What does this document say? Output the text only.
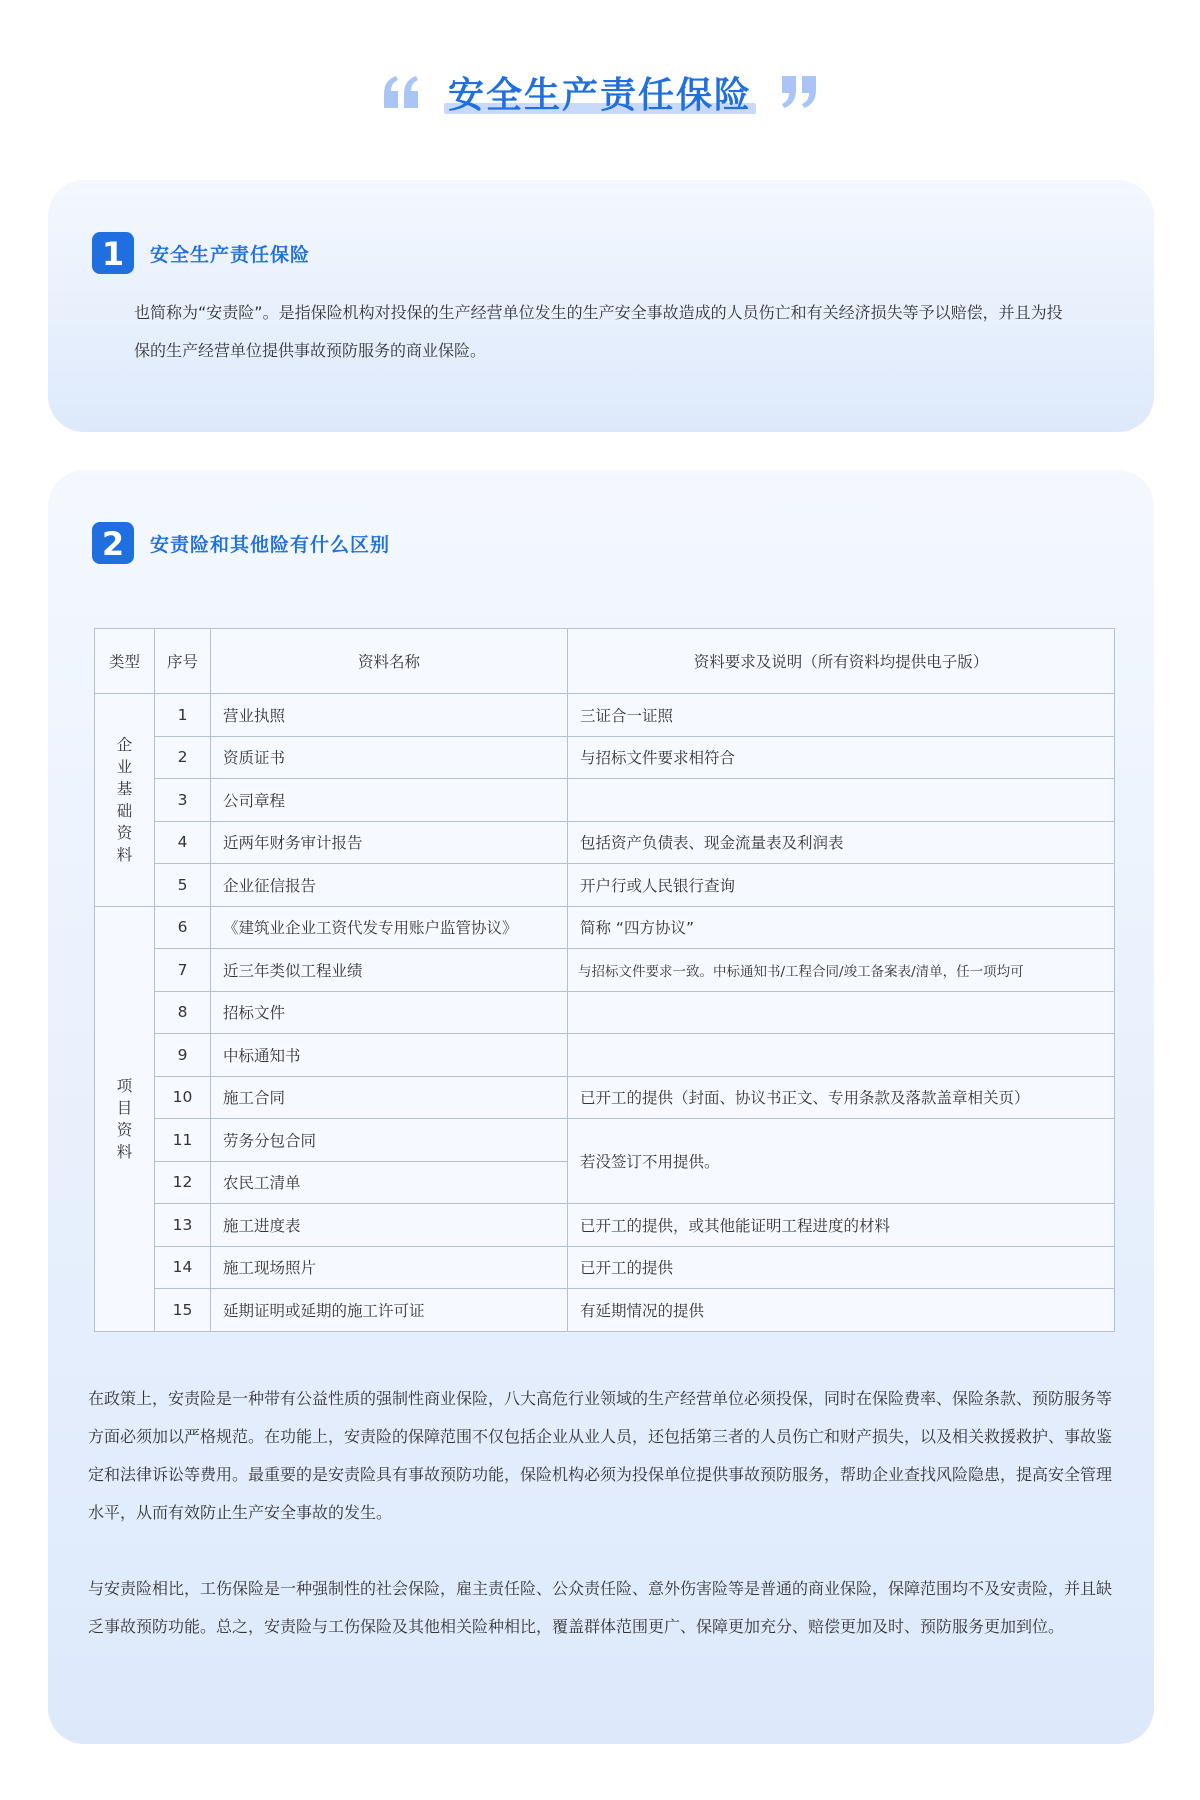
安全生产责任保险
1 安全生产责任保险
也简称为“安责险”。是指保险机构对投保的生产经营单位发生的生产安全事故造成的人员伤亡和有关经济损失等予以赔偿，并且为投保的生产经营单位提供事故预防服务的商业保险。
2 安责险和其他险有什么区别
类型	序号	资料名称	资料要求及说明（所有资料均提供电子版）
企业基础资料	1	营业执照	三证合一证照
	2	资质证书	与招标文件要求相符合
	3	公司章程	
	4	近两年财务审计报告	包括资产负债表、现金流量表及利润表
	5	企业征信报告	开户行或人民银行查询
项目资料	6	《建筑业企业工资代发专用账户监管协议》	简称 “四方协议”
	7	近三年类似工程业绩	与招标文件要求一致。中标通知书/工程合同/竣工备案表/清单，任一项均可
	8	招标文件	
	9	中标通知书	
	10	施工合同	已开工的提供（封面、协议书正文、专用条款及落款盖章相关页）
	11	劳务分包合同	若没签订不用提供。
	12	农民工清单	
	13	施工进度表	已开工的提供，或其他能证明工程进度的材料
	14	施工现场照片	已开工的提供
	15	延期证明或延期的施工许可证	有延期情况的提供
在政策上，安责险是一种带有公益性质的强制性商业保险，八大高危行业领域的生产经营单位必须投保，同时在保险费率、保险条款、预防服务等方面必须加以严格规范。在功能上，安责险的保障范围不仅包括企业从业人员，还包括第三者的人员伤亡和财产损失，以及相关救援救护、事故鉴定和法律诉讼等费用。最重要的是安责险具有事故预防功能，保险机构必须为投保单位提供事故预防服务，帮助企业查找风险隐患，提高安全管理水平，从而有效防止生产安全事故的发生。
与安责险相比，工伤保险是一种强制性的社会保险，雇主责任险、公众责任险、意外伤害险等是普通的商业保险，保障范围均不及安责险，并且缺乏事故预防功能。总之，安责险与工伤保险及其他相关险种相比，覆盖群体范围更广、保障更加充分、赔偿更加及时、预防服务更加到位。
